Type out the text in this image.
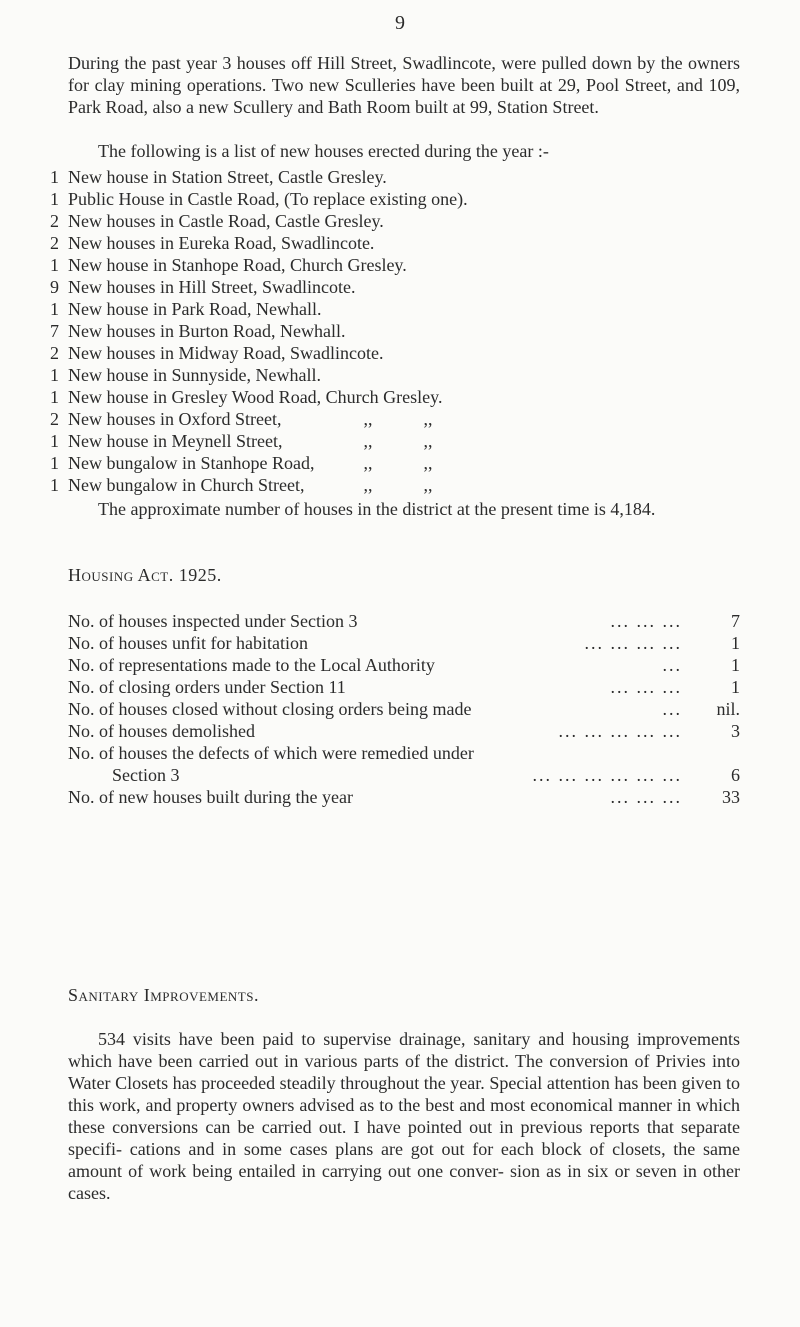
9
During the past year 3 houses off Hill Street, Swadlincote, were pulled down by the owners for clay mining operations. Two new Sculleries have been built at 29, Pool Street, and 109, Park Road, also a new Scullery and Bath Room built at 99, Station Street.
The following is a list of new houses erected during the year :-
1 New house in Station Street, Castle Gresley.
1 Public House in Castle Road, (To replace existing one).
2 New houses in Castle Road, Castle Gresley.
2 New houses in Eureka Road, Swadlincote.
1 New house in Stanhope Road, Church Gresley.
9 New houses in Hill Street, Swadlincote.
1 New house in Park Road, Newhall.
7 New houses in Burton Road, Newhall.
2 New houses in Midway Road, Swadlincote.
1 New house in Sunnyside, Newhall.
1 New house in Gresley Wood Road, Church Gresley.
2 New houses in Oxford Street,	,,	,,
1 New house in Meynell Street,	,,	,,
1 New bungalow in Stanhope Road,	,,	,,
1 New bungalow in Church Street,	,,	,,
The approximate number of houses in the district at the present time is 4,184.
Housing Act. 1925.
No. of houses inspected under Section 3	... ... ...	7
No. of houses unfit for habitation	... ... ... ...	1
No. of representations made to the Local Authority	...	1
No. of closing orders under Section 11	... ... ...	1
No. of houses closed without closing orders being made	...	nil.
No. of houses demolished	... ... ... ... ...	3
No. of houses the defects of which were remedied under
Section 3	... ... ... ... ... ...	6
No. of new houses built during the year	... ... ...	33
Sanitary Improvements.
534 visits have been paid to supervise drainage, sanitary and housing improvements which have been carried out in various parts of the district. The conversion of Privies into Water Closets has proceeded steadily throughout the year. Special attention has been given to this work, and property owners advised as to the best and most economical manner in which these conversions can be carried out. I have pointed out in previous reports that separate specifi- cations and in some cases plans are got out for each block of closets, the same amount of work being entailed in carrying out one conver- sion as in six or seven in other cases.
